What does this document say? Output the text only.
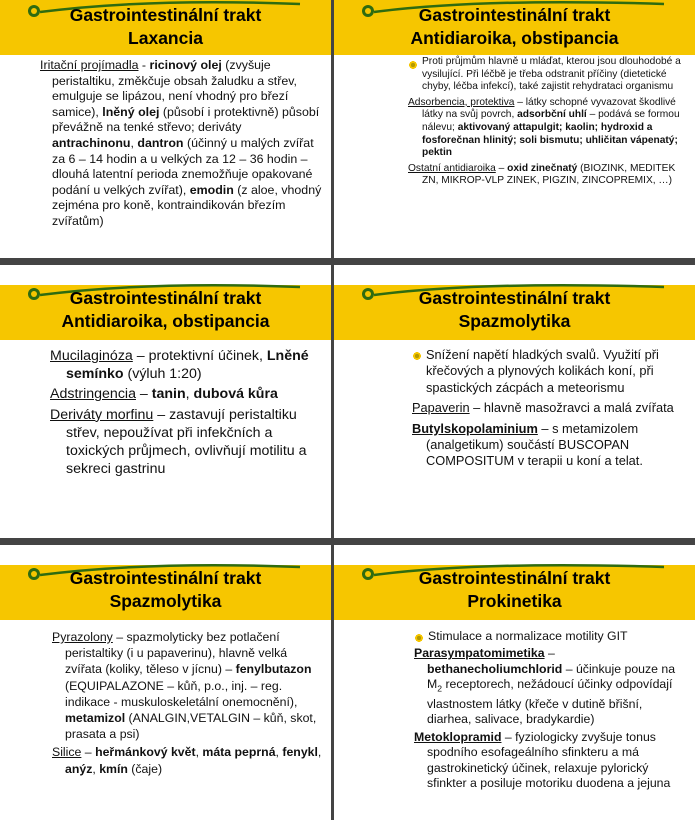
Gastrointestinální trakt
Laxancia
Iritační projímadla - ricinový olej (zvyšuje peristaltiku, změkčuje obsah žaludku a střev, emulguje se lipázou, není vhodný pro březí samice), lněný olej (působí i protektivně) působí převážně na tenké střevo; deriváty antrachinonu, dantron (účinný u malých zvířat za 6 – 14 hodin a u velkých za 12 – 36 hodin – dlouhá latentní perioda znemožňuje opakované podání u velkých zvířat), emodin (z aloe, vhodný zejména pro koně, kontraindikován březím zvířatům)
Gastrointestinální trakt
Antidiaroika, obstipancia
Proti průjmům hlavně u mláďat, kterou jsou dlouhodobé a vysilující. Při léčbě je třeba odstranit příčiny (dietetické chyby, léčba infekcí), také zajistit rehydrataci organismu
Adsorbencia, protektiva – látky schopné vyvazovat škodlivé látky na svůj povrch, adsorbční uhlí – podává se formou nálevu; aktivovaný attapulgit; kaolin; hydroxid a fosforečnan hlinitý; soli bismutu; uhličitan vápenatý; pektin
Ostatní antidiaroika – oxid zinečnatý (BIOZINK, MEDITEK ZN, MIKROP-VLP ZINEK, PIGZIN, ZINCOPREMIX, …)
Gastrointestinální trakt
Antidiaroika, obstipancia
Mucilaginóza – protektivní účinek, Lněné semínko (výluh 1:20)
Adstringencia – tanin, dubová kůra
Deriváty morfinu – zastavují peristaltiku střev, nepoužívat při infekčních a toxických průjmech, ovlivňují motilitu a sekreci gastrinu
Gastrointestinální trakt
Spazmolytika
Snížení napětí hladkých svalů. Využití při křečových a plynových kolikách koní, při spastických zácpách a meteorismu
Papaverin – hlavně masožravci a malá zvířata
Butylskopolaminium – s metamizolem (analgetikum) součástí BUSCOPAN COMPOSITUM v terapii u koní a telat.
Gastrointestinální trakt
Spazmolytika
Pyrazolony – spazmolyticky bez potlačení peristaltiky (i u papaverinu), hlavně velká zvířata (koliky, těleso v jícnu) – fenylbutazon (EQUIPALAZONE – kůň, p.o., inj. – reg. indikace - muskuloskeletální onemocnění), metamizol (ANALGIN,VETALGIN – kůň, skot, prasata a psi)
Silice – heřmánkový květ, máta peprná, fenykl, anýz, kmín (čaje)
Gastrointestinální trakt
Prokinetika
Stimulace a normalizace motility GIT
Parasympatomimetika – bethanecholiumchlorid – účinkuje pouze na $M_2$ receptorech, nežádoucí účinky odpovídají vlastnostem látky (křeče v dutině břišní, diarhea, salivace, bradykardie)
Metoklopramid – fyziologicky zvyšuje tonus spodního esofageálního sfinkteru a má gastrokinetický účinek, relaxuje pylorický sfinkter a posiluje motoriku duodena a jejuna
